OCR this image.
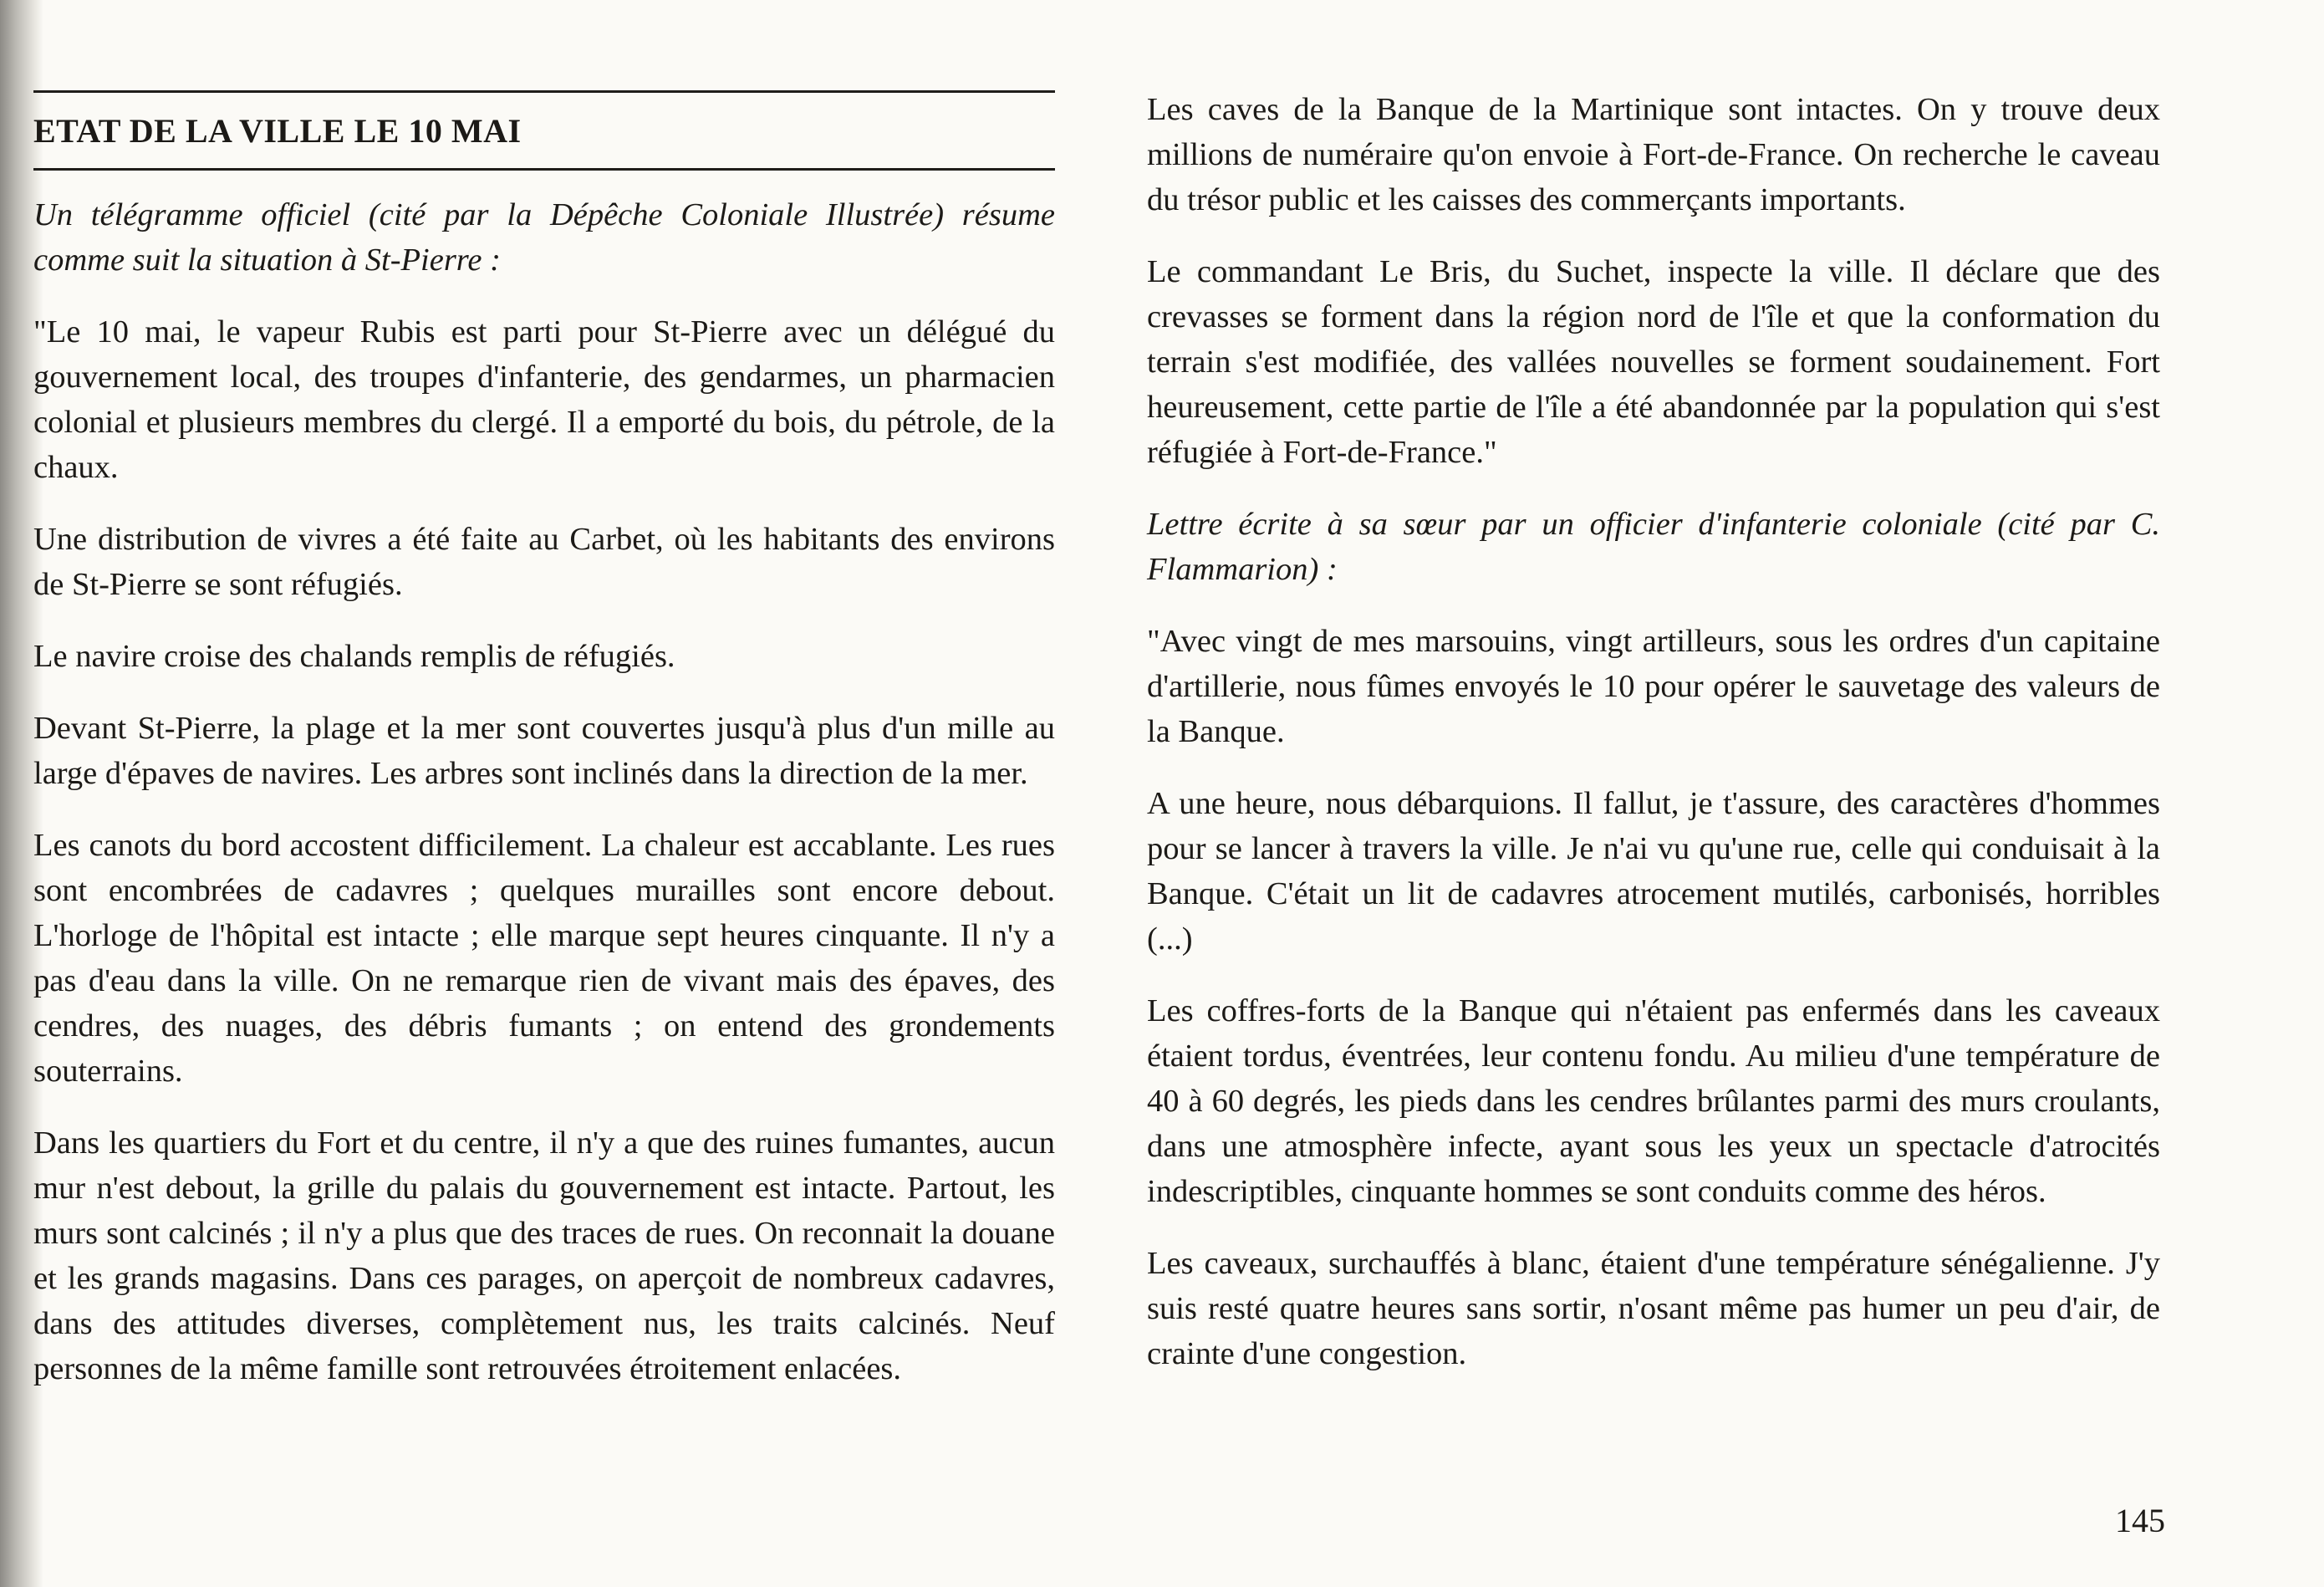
ETAT DE LA VILLE LE 10 MAI

Un télégramme officiel (cité par la Dépêche Coloniale Illustrée) résume comme suit la situation à St-Pierre :

"Le 10 mai, le vapeur Rubis est parti pour St-Pierre avec un délégué du gouvernement local, des troupes d'infanterie, des gendarmes, un pharmacien colonial et plusieurs membres du clergé. Il a emporté du bois, du pétrole, de la chaux.

Une distribution de vivres a été faite au Carbet, où les habitants des environs de St-Pierre se sont réfugiés.

Le navire croise des chalands remplis de réfugiés.

Devant St-Pierre, la plage et la mer sont couvertes jusqu'à plus d'un mille au large d'épaves de navires. Les arbres sont inclinés dans la direction de la mer.

Les canots du bord accostent difficilement. La chaleur est accablante. Les rues sont encombrées de cadavres ; quelques murailles sont encore debout. L'horloge de l'hôpital est intacte ; elle marque sept heures cinquante. Il n'y a pas d'eau dans la ville. On ne remarque rien de vivant mais des épaves, des cendres, des nuages, des débris fumants ; on entend des grondements souterrains.

Dans les quartiers du Fort et du centre, il n'y a que des ruines fumantes, aucun mur n'est debout, la grille du palais du gouvernement est intacte. Partout, les murs sont calcinés ; il n'y a plus que des traces de rues. On reconnait la douane et les grands magasins. Dans ces parages, on aperçoit de nombreux cadavres, dans des attitudes diverses, complètement nus, les traits calcinés. Neuf personnes de la même famille sont retrouvées étroitement enlacées.

Les caves de la Banque de la Martinique sont intactes. On y trouve deux millions de numéraire qu'on envoie à Fort-de-France. On recherche le caveau du trésor public et les caisses des commerçants importants.

Le commandant Le Bris, du Suchet, inspecte la ville. Il déclare que des crevasses se forment dans la région nord de l'île et que la conformation du terrain s'est modifiée, des vallées nouvelles se forment soudainement. Fort heureusement, cette partie de l'île a été abandonnée par la population qui s'est réfugiée à Fort-de-France."

Lettre écrite à sa sœur par un officier d'infanterie coloniale (cité par C. Flammarion) :

"Avec vingt de mes marsouins, vingt artilleurs, sous les ordres d'un capitaine d'artillerie, nous fûmes envoyés le 10 pour opérer le sauvetage des valeurs de la Banque.

A une heure, nous débarquions. Il fallut, je t'assure, des caractères d'hommes pour se lancer à travers la ville. Je n'ai vu qu'une rue, celle qui conduisait à la Banque. C'était un lit de cadavres atrocement mutilés, carbonisés, horribles (...)

Les coffres-forts de la Banque qui n'étaient pas enfermés dans les caveaux étaient tordus, éventrées, leur contenu fondu. Au milieu d'une température de 40 à 60 degrés, les pieds dans les cendres brûlantes parmi des murs croulants, dans une atmosphère infecte, ayant sous les yeux un spectacle d'atrocités indescriptibles, cinquante hommes se sont conduits comme des héros.

Les caveaux, surchauffés à blanc, étaient d'une température sénégalienne. J'y suis resté quatre heures sans sortir, n'osant même pas humer un peu d'air, de crainte d'une congestion.

145
